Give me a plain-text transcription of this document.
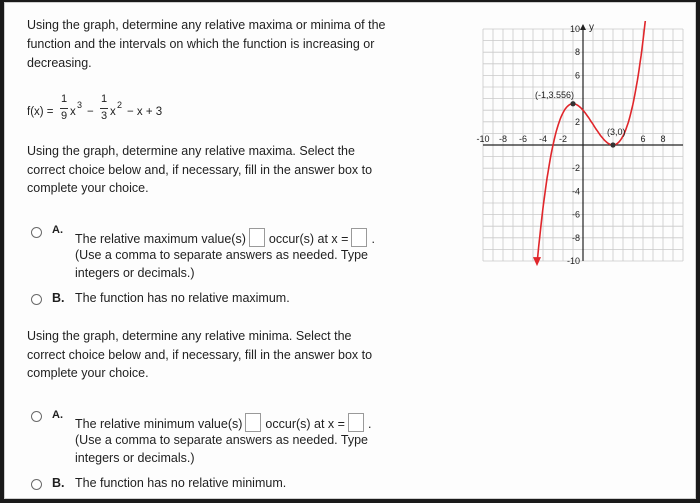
Using the graph, determine any relative maxima or minima of the
function and the intervals on which the function is increasing or
decreasing.
f(x) =
1
9 x
3
−
1
3 x
2
− x + 3
Using the graph, determine any relative maxima. Select the
correct choice below and, if necessary, fill in the answer box to
complete your choice.
A.
The relative maximum value(s) occur(s) at x = .
(Use a comma to separate answers as needed. Type
integers or decimals.)
B. The function has no relative maximum.
Using the graph, determine any relative minima. Select the
correct choice below and, if necessary, fill in the answer box to
complete your choice.
A.
The relative minimum value(s) occur(s) at x = .
(Use a comma to separate answers as needed. Type
integers or decimals.)
B. The function has no relative minimum.
y
-10 -8 -6 -4 -2	6 8
10
8
6
2
-2
-4
-6
-8
-10
(-1,3.556)
(3,0)
